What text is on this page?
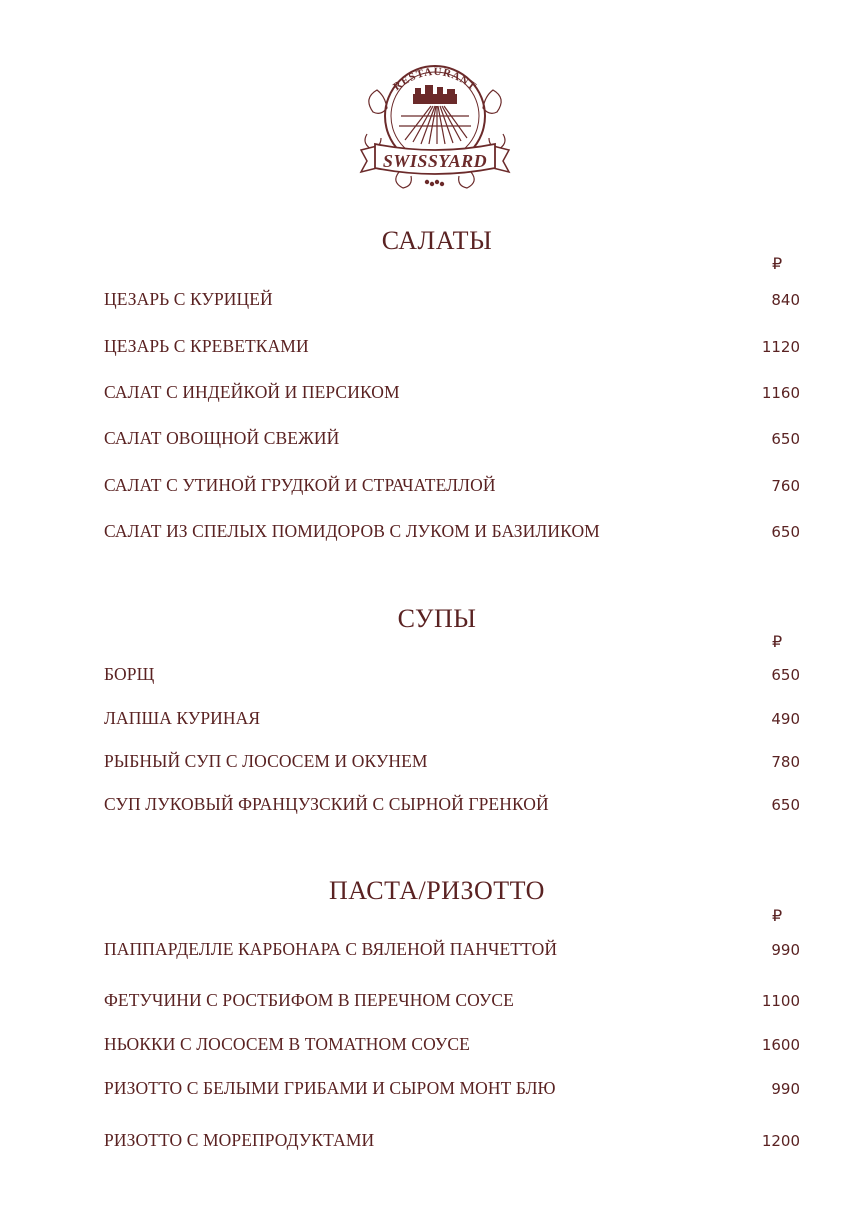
RESTAURANT
SWISSYARD
САЛАТЫ
₽
ЦЕЗАРЬ С КУРИЦЕЙ	840
ЦЕЗАРЬ С КРЕВЕТКАМИ	1120
САЛАТ С ИНДЕЙКОЙ И ПЕРСИКОМ	1160
САЛАТ ОВОЩНОЙ СВЕЖИЙ	650
САЛАТ С УТИНОЙ ГРУДКОЙ И СТРАЧАТЕЛЛОЙ	760
САЛАТ ИЗ СПЕЛЫХ ПОМИДОРОВ С ЛУКОМ И БАЗИЛИКОМ	650
СУПЫ
₽
БОРЩ	650
ЛАПША КУРИНАЯ	490
РЫБНЫЙ СУП С ЛОСОСЕМ И ОКУНЕМ	780
СУП ЛУКОВЫЙ ФРАНЦУЗСКИЙ С СЫРНОЙ ГРЕНКОЙ	650
ПАСТА/РИЗОТТО
₽
ПАППАРДЕЛЛЕ КАРБОНАРА С ВЯЛЕНОЙ ПАНЧЕТТОЙ	990
ФЕТУЧИНИ С РОСТБИФОМ В ПЕРЕЧНОМ СОУСЕ	1100
НЬОККИ С ЛОСОСЕМ В ТОМАТНОМ СОУСЕ	1600
РИЗОТТО С БЕЛЫМИ ГРИБАМИ И СЫРОМ МОНТ БЛЮ	990
РИЗОТТО С МОРЕПРОДУКТАМИ	1200
